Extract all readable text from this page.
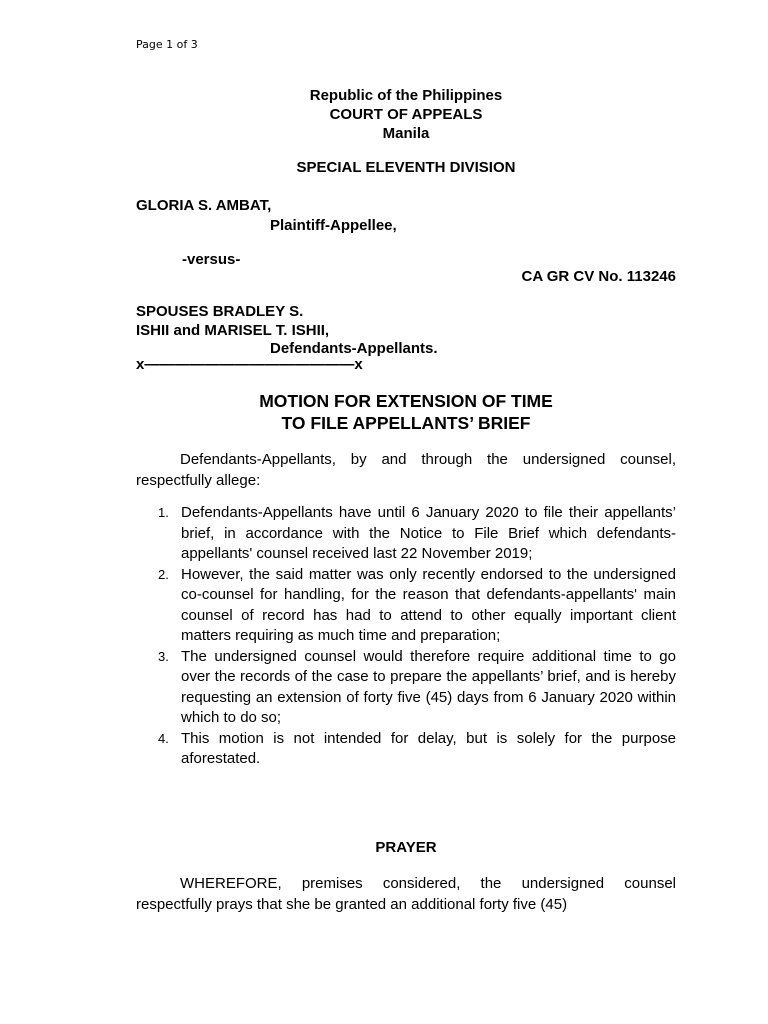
Page 1 of 3
Republic of the Philippines
COURT OF APPEALS
Manila
SPECIAL ELEVENTH DIVISION
GLORIA S. AMBAT,
Plaintiff-Appellee,
-versus-
CA GR CV No. 113246
SPOUSES BRADLEY S.
ISHII and MARISEL T. ISHII,
Defendants-Appellants.
x——————————————x
MOTION FOR EXTENSION OF TIME
TO FILE APPELLANTS’ BRIEF
Defendants-Appellants, by and through the undersigned counsel, respectfully allege:
1. Defendants-Appellants have until 6 January 2020 to file their appellants’ brief, in accordance with the Notice to File Brief which defendants-appellants' counsel received last 22 November 2019;
2. However, the said matter was only recently endorsed to the undersigned co-counsel for handling, for the reason that defendants-appellants' main counsel of record has had to attend to other equally important client matters requiring as much time and preparation;
3. The undersigned counsel would therefore require additional time to go over the records of the case to prepare the appellants’ brief, and is hereby requesting an extension of forty five (45) days from 6 January 2020 within which to do so;
4. This motion is not intended for delay, but is solely for the purpose aforestated.
PRAYER
WHEREFORE, premises considered, the undersigned counsel respectfully prays that she be granted an additional forty five (45)
